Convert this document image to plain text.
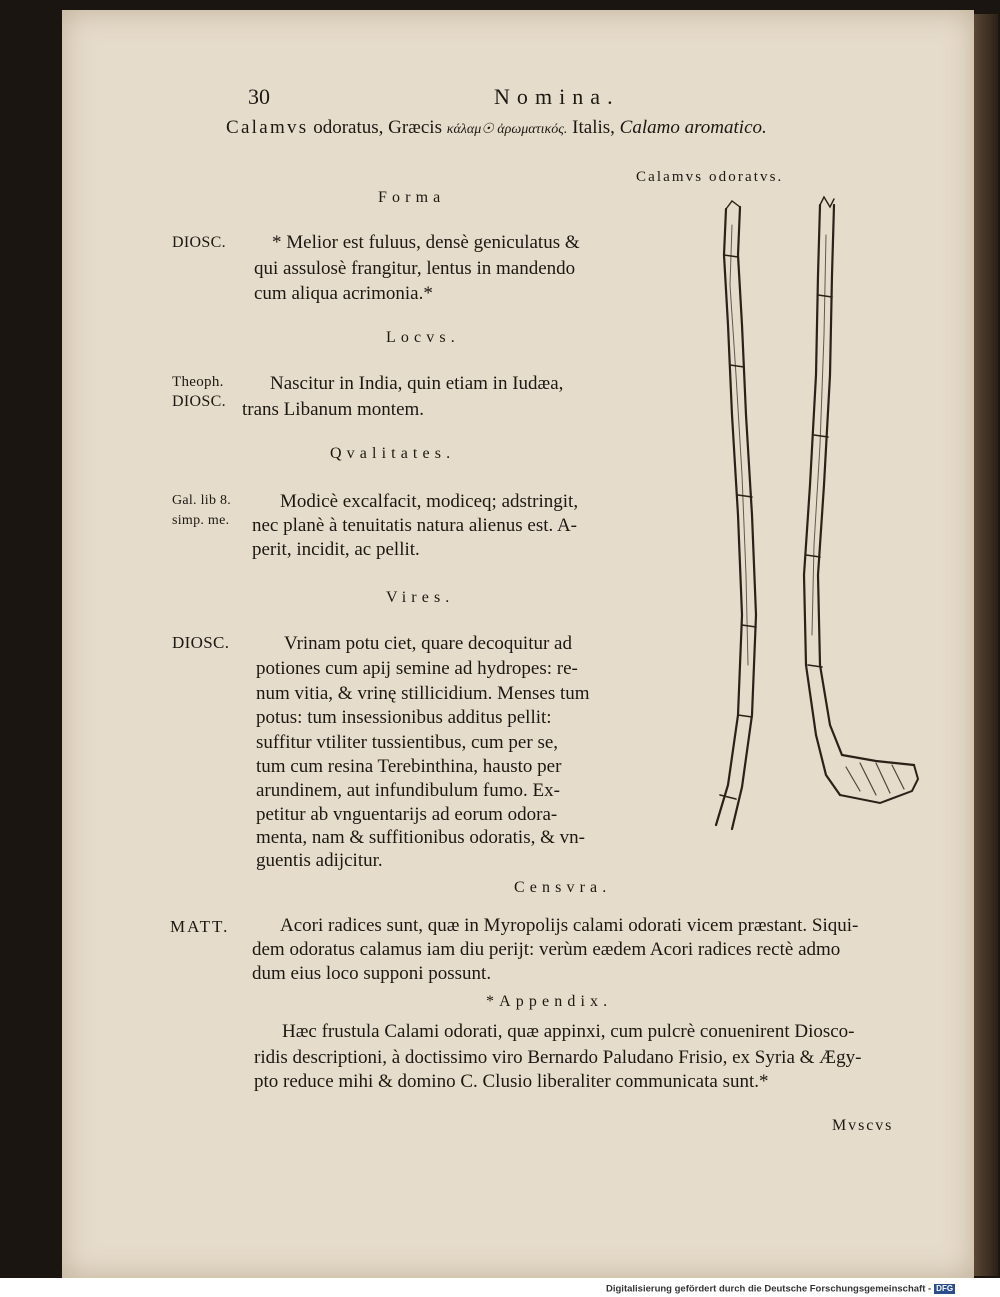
30	Nomina.
Calamvs odoratus, Græcis κάλαμ☉ ἀρωματικός. Italis, Calamo aromatico.
Calamvs odoratvs.
Forma
DIOSC. * Melior est fuluus, densè geniculatus &
qui assulosè frangitur, lentus in mandendo
cum aliqua acrimonia.*
Locvs.
Theoph.
DIOSC.
Nascitur in India, quin etiam in Iudæa,
trans Libanum montem.
Qvalitates.
Gal. lib 8.
simp. me.
Modicè excalfacit, modiceq; adstringit,
nec planè à tenuitatis natura alienus est. A-
perit, incidit, ac pellit.
Vires.
DIOSC.	Vrinam potu ciet, quare decoquitur ad
potiones cum apij semine ad hydropes: re-
num vitia, & vrinę stillicidium. Menses tum
potus: tum insessionibus additus pellit:
suffitur vtiliter tussientibus, cum per se,
tum cum resina Terebinthina, hausto per
arundinem, aut infundibulum fumo. Ex-
petitur ab vnguentarijs ad eorum odora-
menta, nam & suffitionibus odoratis, & vn-
guentis adijcitur.
Censvra.
MATT.	Acori radices sunt, quæ in Myropolijs calami odorati vicem præstant. Siqui-
dem odoratus calamus iam diu perijt: verùm eædem Acori radices rectè admo
dum eius loco supponi possunt.
*Appendix.
Hæc frustula Calami odorati, quæ appinxi, cum pulcrè conuenirent Diosco-
ridis descriptioni, à doctissimo viro Bernardo Paludano Frisio, ex Syria & Ægy-
pto reduce mihi & domino C. Clusio liberaliter communicata sunt.*
Mvscvs
Digitalisierung gefördert durch die Deutsche Forschungsgemeinschaft - DFG
